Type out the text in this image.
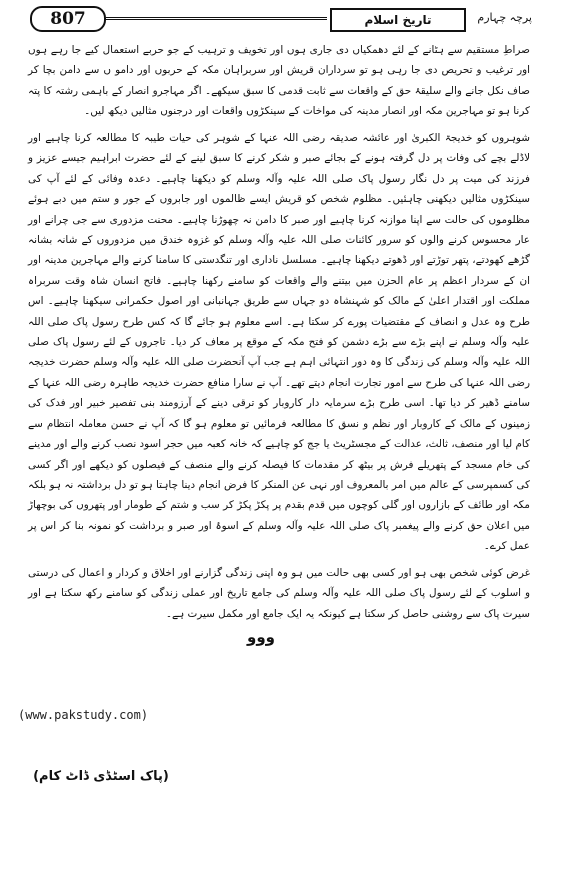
807	تاریخ اسلام	پرچہ چہارم
صراطِ مستقیم سے ہٹانے کے لئے دھمکیاں دی جاری ہوں اور تخویف و ترہیب کے جو حربے استعمال کیے جا رہے ہوں اور ترغیب و تحریص دی جا رہی ہو تو سرداران قریش اور سربراہان مکہ کے حربوں اور دامو ں سے دامن بچا کر صاف نکل جانے والے سلیقۂ حق کے واقعات سے ثابت قدمی کا سبق سیکھے۔ اگر مہاجرو انصار کے باہمی رشتہ کا پتہ کرنا ہو تو مہاجرین مکہ اور انصار مدینہ کی مواخات کے سینکڑوں واقعات اور درجنوں مثالیں دیکھ لیں۔
شوہروں کو خدیجۃ الکبریٰ اور عائشہ صدیقہ رضی اللہ عنہا کے شوہر کی حیات طیبہ کا مطالعہ کرنا چاہیے اور لاڈلے بچے کی وفات پر دل گرفتہ ہونے کے بجائے صبر و شکر کرنے کا سبق لینے کے لئے حضرت ابراہیم جیسے عزیز و فرزند کی میت پر دل نگار رسول پاک صلی اللہ علیہ وآلہ وسلم کو دیکھنا چاہیے۔ دعدہ وفائی کے لئے آپ کی سینکڑوں مثالیں دیکھنی چاہئیں۔ مظلوم شخص کو قریش ایسے ظالموں اور جابروں کے جور و ستم میں دبے ہوئے مظلوموں کی حالت سے اپنا موازنہ کرنا چاہیے اور صبر کا دامن نہ چھوڑنا چاہیے۔ محنت مزدوری سے جی چرانے اور عار محسوس کرنے والوں کو سرور کائنات صلی اللہ علیہ وآلہ وسلم کو غزوہ خندق میں مزدوروں کے شانہ بشانہ گڑھے کھودتے، پتھر توڑتے اور ڈھوتے دیکھنا چاہیے۔ مسلسل ناداری اور تنگدستی کا سامنا کرنے والے مہاجرین مدینہ اور ان کے سردار اعظم پر عام الحزن میں بیتنے والے واقعات کو سامنے رکھنا چاہیے۔ فاتح انسان شاہ وقت سربراہ مملکت اور اقتدار اعلیٰ کے مالک کو شہنشاہ دو جہاں سے طریق جہانبانی اور اصول حکمرانی سیکھنا چاہیے۔ اس طرح وہ عدل و انصاف کے مقتضیات پورے کر سکتا ہے۔ اسے معلوم ہو جائے گا کہ کس طرح رسول پاک صلی اللہ علیہ وآلہ وسلم نے اپنے بڑے سے بڑے دشمن کو فتح مکہ کے موقع پر معاف کر دیا۔ تاجروں کے لئے رسول پاک صلی اللہ علیہ وآلہ وسلم کی زندگی کا وہ دور انتہائی اہم ہے جب آپ آنحضرت صلی اللہ علیہ وآلہ وسلم حضرت خدیجہ رضی اللہ عنہا کی طرح سے امور تجارت انجام دیتے تھے۔ آپ نے سارا منافع حضرت خدیجہ طاہرہ رضی اللہ عنہا کے سامنے ڈھیر کر دیا تھا۔ اسی طرح بڑے سرمایہ دار کاروبار کو ترقی دینے کے آرزومند بنی تفصیر خبیر اور فدک کی زمینوں کے مالک کے کاروبار اور نظم و نسق کا مطالعہ فرمائیں تو معلوم ہو گا کہ آپ نے حسن معاملہ انتظام سے کام لیا اور منصف، ثالث، عدالت کے مجسٹریٹ یا جج کو چاہیے کہ خانہ کعبہ میں حجر اسود نصب کرنے والے اور مدینے کی خام مسجد کے پتھریلے فرش پر بیٹھ کر مقدمات کا فیصلہ کرنے والے منصف کے فیصلوں کو دیکھے اور اگر کسی کی کسمپرسی کے عالم میں امر بالمعروف اور نہی عن المنکر کا فرض انجام دینا چاہتا ہو تو دل برداشتہ نہ ہو بلکہ مکہ اور طائف کے بازاروں اور گلی کوچوں میں قدم بقدم پر پکڑ پکڑ کر سب و شتم کے طومار اور پتھروں کی بوچھاڑ میں اعلان حق کرنے والے پیغمبر پاک صلی اللہ علیہ وآلہ وسلم کے اسوۂ اور صبر و برداشت کو نمونہ بنا کر اس پر عمل کرے۔
غرض کوئی شخص بھی ہو اور کسی بھی حالت میں ہو وہ اپنی زندگی گزارنے اور اخلاق و کردار و اعمال کی درستی و اسلوب کے لئے رسول پاک صلی اللہ علیہ وآلہ وسلم کی جامع تاریخ اور عملی زندگی کو سامنے رکھ سکتا ہے اور سیرت پاک سے روشنی حاصل کر سکتا ہے کیونکہ یہ ایک جامع اور مکمل سیرت ہے۔
ووو
(www.pakstudy.com)
(پاک اسٹڈی ڈاٹ کام)
